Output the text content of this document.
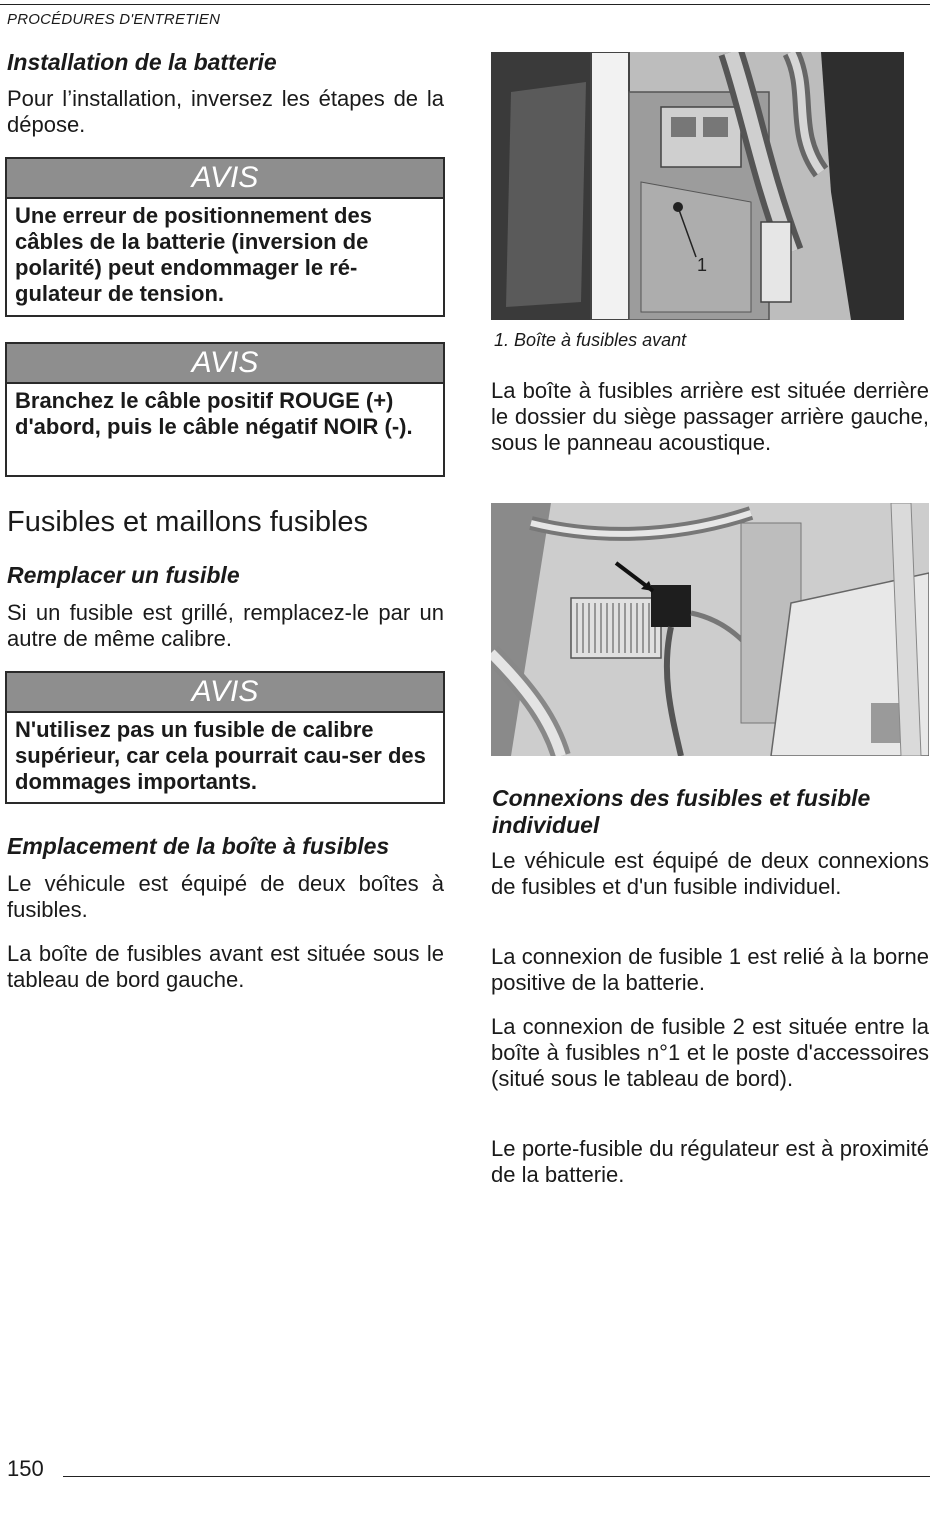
PROCÉDURES D'ENTRETIEN
Installation de la batterie
Pour l’installation, inversez les étapes de la dépose.
AVIS
Une erreur de positionnement des câbles de la batterie (inversion de polarité) peut endommager le ré-gulateur de tension.
AVIS
Branchez le câble positif ROUGE (+) d'abord, puis le câble négatif NOIR (-).
Fusibles et maillons fusibles
Remplacer un fusible
Si un fusible est grillé, remplacez-le par un autre de même calibre.
AVIS
N'utilisez pas un fusible de calibre supérieur, car cela pourrait cau-ser des dommages importants.
Emplacement de la boîte à fusibles
Le véhicule est équipé de deux boîtes à fusibles.
La boîte de fusibles avant est située sous le tableau de bord gauche.
1
1. Boîte à fusibles avant
La boîte à fusibles arrière est située derrière le dossier du siège passager arrière gauche, sous le panneau acoustique.
Connexions des fusibles et fusible individuel
Le véhicule est équipé de deux connexions de fusibles et d'un fusible individuel.
La connexion de fusible 1 est relié à la borne positive de la batterie.
La connexion de fusible 2 est située entre la boîte à fusibles n°1 et le poste d'accessoires (situé sous le tableau de bord).
Le porte-fusible du régulateur est à proximité de la batterie.
150
